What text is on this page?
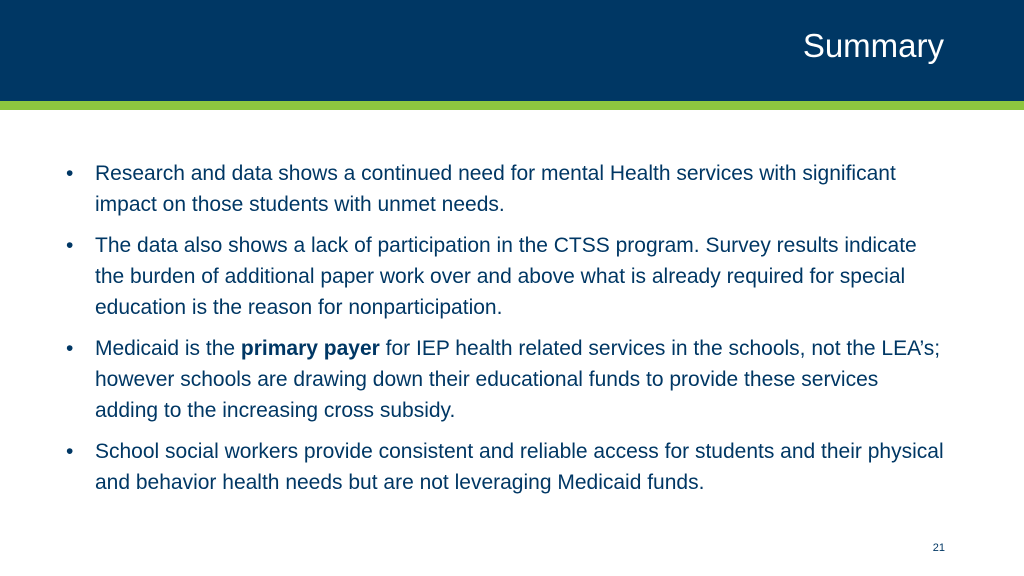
Summary
•	Research and data shows a continued need for mental Health services with significant impact on those students with unmet needs.
•	The data also shows a lack of participation in the CTSS program. Survey results indicate the burden of additional paper work over and above what is already required for special education is the reason for nonparticipation.
•	Medicaid is the primary payer for IEP health related services in the schools, not the LEA’s; however schools are drawing down their educational funds to provide these services adding to the increasing cross subsidy.
•	School social workers provide consistent and reliable access for students and their physical and behavior health needs but are not leveraging Medicaid funds.
21
